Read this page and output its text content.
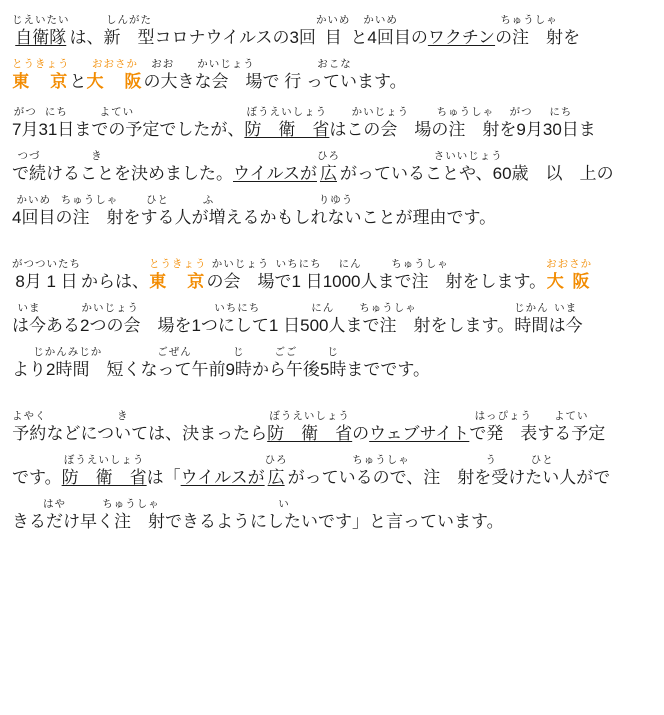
じえいたい
自衛隊 は、
しんがた
新　型 コロナウイルスの3回
かいめ
目
かいめ
と4回目 の ワクチン
ちゅうしゃ
の注　射 を
とうきょう
東　京 と
おおさか
大　阪
おお　　かいじょう
の大きな会　場
おこな
で 行 っています。
がつ
7月
にち
31日
よてい
までの予定 でしたが、
ぼうえいしょう
防　衛　省
かいじょう
はこの会　場
ちゅうしゃ
の注　射
がつ
を9月
にち
30日 ま
つづ
で続
き
けることを決 めました。 ウイルスが
ひろ
広
さいいじょう
がっていることや、60歳　以　上 の
かいめ
4回目
ちゅうしゃ
の注　射
ひと
をする人
ふ
が増
りゆう
えるかもしれないことが理由 です。
がつついたち
8月 1 日 からは、
とうきょう
東　京
かいじょう
の会　場
いちにち
で1 日
にん
1000人
ちゅうしゃ
まで注　射 をします。
おおさか
大 阪
いま
は今
かいじょう
ある2つの会　場
いちにち
を1つにして1 日
にん
500人
ちゅうしゃ
まで注　射 をします。
じかん
時間
いま
は今
じかんみじか
より2時間　短
ごぜん
くなって午前
じ
9時
ごご
から午後
じ
5時 までです。
よやく
予約
き
などについては、決 まったら
ぼうえいしょう
防　衛　省 の ウェブサイト
はっぴょう
で発　表
よてい
する予定
です。
ぼうえいしょう
防　衛　省 は「 ウイルスが
ひろ
広
ちゅうしゃ
がっているので、注　射
う
を受
ひと
けたい人 がで
はや
きるだけ早
ちゅうしゃ
く注　射
い
できるようにしたいです」と言 っています。
